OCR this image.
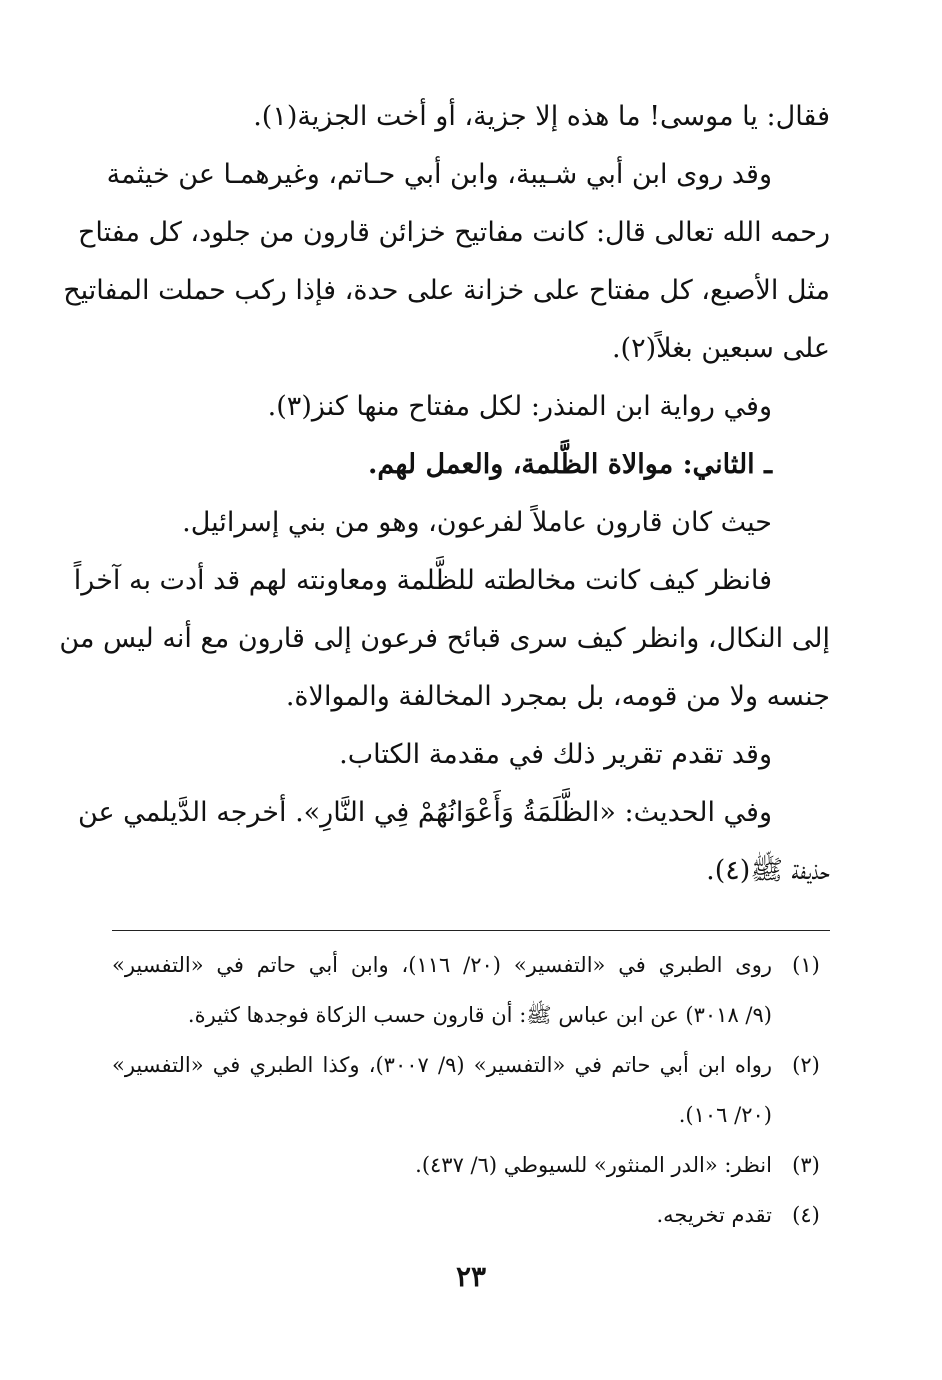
فقال: يا موسى! ما هذه إلا جزية، أو أخت الجزية(١).
وقد روى ابن أبي شـيبة، وابن أبي حـاتم، وغيرهمـا عن خيثمة
رحمه الله تعالى قال: كانت مفاتيح خزائن قارون من جلود، كل مفتاح
مثل الأصبع، كل مفتاح على خزانة على حدة، فإذا ركب حملت المفاتيح
على سبعين بغلاً(٢).
وفي رواية ابن المنذر: لكل مفتاح منها كنز(٣).
ـ الثاني: موالاة الظَّلمة، والعمل لهم.
حيث كان قارون عاملاً لفرعون، وهو من بني إسرائيل.
فانظر كيف كانت مخالطته للظَّلمة ومعاونته لهم قد أدت به آخراً
إلى النكال، وانظر كيف سرى قبائح فرعون إلى قارون مع أنه ليس من
جنسه ولا من قومه، بل بمجرد المخالفة والموالاة.
وقد تقدم تقرير ذلك في مقدمة الكتاب.
وفي الحديث: «الظَّلَمَةُ وَأَعْوَانُهُمْ فِي النَّارِ». أخرجه الدَّيلمي عن
حذيفة ﷺ(٤).
(١)
روى الطبري في «التفسير» (٢٠/ ١١٦)، وابن أبي حاتم في «التفسير»
(٩/ ٣٠١٨) عن ابن عباس ﷺ: أن قارون حسب الزكاة فوجدها كثيرة.
(٢)
رواه ابن أبي حاتم في «التفسير» (٩/ ٣٠٠٧)، وكذا الطبري في «التفسير»
(٢٠/ ١٠٦).
(٣)
انظر: «الدر المنثور» للسيوطي (٦/ ٤٣٧).
(٤)
تقدم تخريجه.
٢٣
